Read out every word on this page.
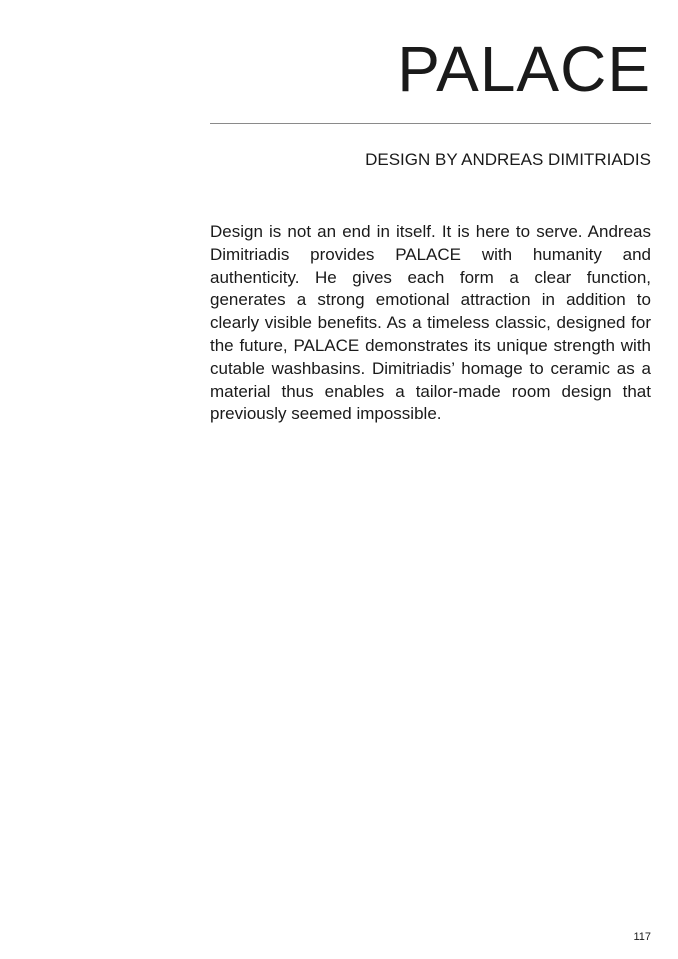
PALACE
DESIGN BY ANDREAS DIMITRIADIS

Design is not an end in itself. It is here to serve. Andreas Dimitriadis provides PALACE with humanity and authenticity. He gives each form a clear function, generates a strong emotional attraction in addition to clearly visible benefits. As a timeless classic, designed for the future, PALACE demonstrates its unique strength with cutable washbasins. Dimitriadis’ homage to ceramic as a material thus enables a tailor-made room design that previously seemed impossible.

117
